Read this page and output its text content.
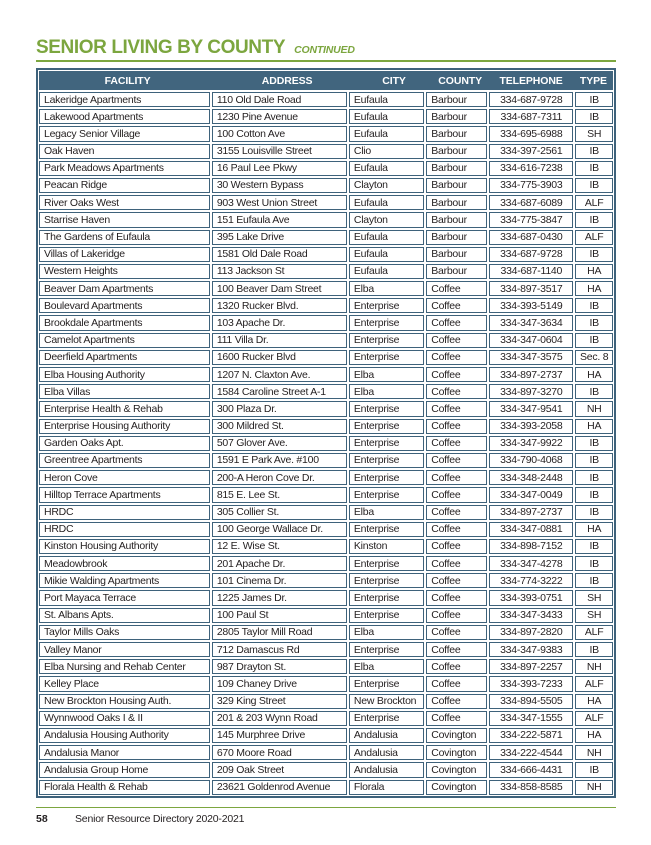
SENIOR LIVING BY COUNTY CONTINUED
FACILITY	ADDRESS	CITY	COUNTY	TELEPHONE	TYPE
Lakeridge Apartments	110 Old Dale Road	Eufaula	Barbour	334-687-9728	IB
Lakewood Apartments	1230 Pine Avenue	Eufaula	Barbour	334-687-7311	IB
Legacy Senior Village	100 Cotton Ave	Eufaula	Barbour	334-695-6988	SH
Oak Haven	3155 Louisville Street	Clio	Barbour	334-397-2561	IB
Park Meadows Apartments	16 Paul Lee Pkwy	Eufaula	Barbour	334-616-7238	IB
Peacan Ridge	30 Western Bypass	Clayton	Barbour	334-775-3903	IB
River Oaks West	903 West Union Street	Eufaula	Barbour	334-687-6089	ALF
Starrise Haven	151 Eufaula Ave	Clayton	Barbour	334-775-3847	IB
The Gardens of Eufaula	395 Lake Drive	Eufaula	Barbour	334-687-0430	ALF
Villas of Lakeridge	1581 Old Dale Road	Eufaula	Barbour	334-687-9728	IB
Western Heights	113 Jackson St	Eufaula	Barbour	334-687-1140	HA
Beaver Dam Apartments	100 Beaver Dam Street	Elba	Coffee	334-897-3517	HA
Boulevard Apartments	1320 Rucker Blvd.	Enterprise	Coffee	334-393-5149	IB
Brookdale Apartments	103 Apache Dr.	Enterprise	Coffee	334-347-3634	IB
Camelot Apartments	111 Villa Dr.	Enterprise	Coffee	334-347-0604	IB
Deerfield Apartments	1600 Rucker Blvd	Enterprise	Coffee	334-347-3575	Sec. 8
Elba Housing Authority	1207 N. Claxton Ave.	Elba	Coffee	334-897-2737	HA
Elba Villas	1584 Caroline Street A-1	Elba	Coffee	334-897-3270	IB
Enterprise Health & Rehab	300 Plaza Dr.	Enterprise	Coffee	334-347-9541	NH
Enterprise Housing Authority	300 Mildred St.	Enterprise	Coffee	334-393-2058	HA
Garden Oaks Apt.	507 Glover Ave.	Enterprise	Coffee	334-347-9922	IB
Greentree Apartments	1591 E Park Ave. #100	Enterprise	Coffee	334-790-4068	IB
Heron Cove	200-A Heron Cove Dr.	Enterprise	Coffee	334-348-2448	IB
Hilltop Terrace Apartments	815 E. Lee St.	Enterprise	Coffee	334-347-0049	IB
HRDC	305 Collier St.	Elba	Coffee	334-897-2737	IB
HRDC	100 George Wallace Dr.	Enterprise	Coffee	334-347-0881	HA
Kinston Housing Authority	12 E. Wise St.	Kinston	Coffee	334-898-7152	IB
Meadowbrook	201 Apache Dr.	Enterprise	Coffee	334-347-4278	IB
Mikie Walding Apartments	101 Cinema Dr.	Enterprise	Coffee	334-774-3222	IB
Port Mayaca Terrace	1225 James Dr.	Enterprise	Coffee	334-393-0751	SH
St. Albans Apts.	100 Paul St	Enterprise	Coffee	334-347-3433	SH
Taylor Mills Oaks	2805 Taylor Mill Road	Elba	Coffee	334-897-2820	ALF
Valley Manor	712 Damascus Rd	Enterprise	Coffee	334-347-9383	IB
Elba Nursing and Rehab Center	987 Drayton St.	Elba	Coffee	334-897-2257	NH
Kelley Place	109 Chaney Drive	Enterprise	Coffee	334-393-7233	ALF
New Brockton Housing Auth.	329 King Street	New Brockton	Coffee	334-894-5505	HA
Wynnwood Oaks I & II	201 & 203 Wynn Road	Enterprise	Coffee	334-347-1555	ALF
Andalusia Housing Authority	145 Murphree Drive	Andalusia	Covington	334-222-5871	HA
Andalusia Manor	670 Moore Road	Andalusia	Covington	334-222-4544	NH
Andalusia Group Home	209 Oak Street	Andalusia	Covington	334-666-4431	IB
Florala Health & Rehab	23621 Goldenrod Avenue	Florala	Covington	334-858-8585	NH
58	Senior Resource Directory 2020-2021
